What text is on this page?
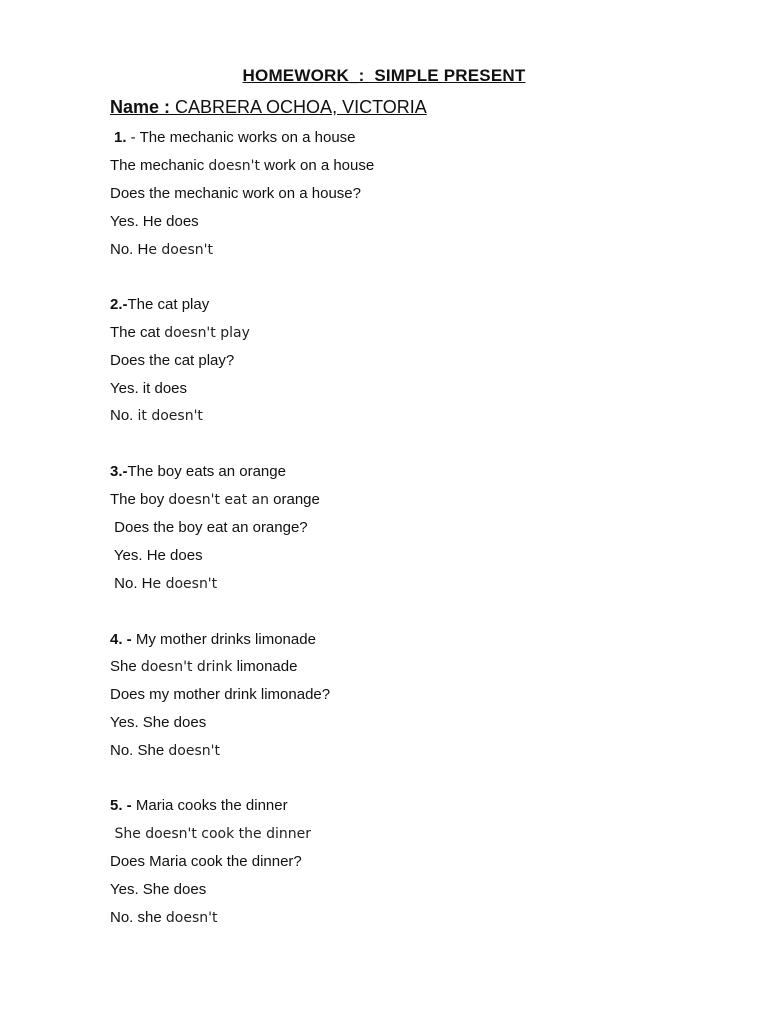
HOMEWORK_:  SIMPLE PRESENT
Name : CABRERA OCHOA, VICTORIA
1. - The mechanic works on a house
The mechanic doesn't work on a house
Does the mechanic work on a house?
Yes. He does
No. He doesn't
2.-The cat play
The cat doesn't play
Does the cat play?
Yes. it does
No. it doesn't
3.-The boy eats an orange
The boy doesn't eat an orange
Does the boy eat an orange?
Yes. He does
No. He doesn't
4. - My mother drinks limonade
She doesn't drink limonade
Does my mother drink limonade?
Yes. She does
No. She doesn't
5. - Maria cooks the dinner
She doesn't cook the dinner
Does Maria cook the dinner?
Yes. She does
No. she doesn't
